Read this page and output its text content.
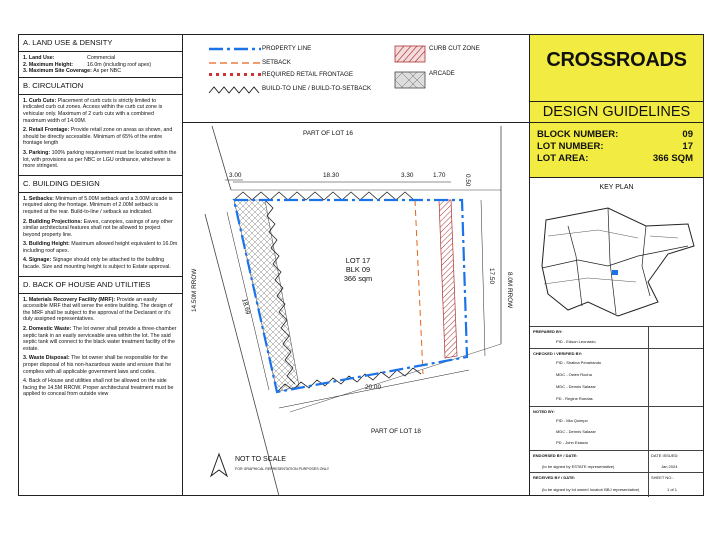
A. LAND USE & DENSITY
1. Land Use:	Commercial
2. Maximum Height:	16.0m (including roof apex)
3. Maximum Site Coverage: As per NBC
B. CIRCULATION

1. Curb Cuts: Placement of curb cuts is strictly limited to indicated curb cut zones. Access within the curb cut zone is vehicular only. Maximum of 2 curb cuts with a combined maximum width of 14.00M.

2. Retail Frontage: Provide retail zone on areas as shown, and should be directly accessible. Minimum of 65% of the entire frontage length

3. Parking: 100% parking requirement must be located within the lot, with provisions as per NBC or LGU ordinance, whichever is more stringent.

C. BUILDING DESIGN

1. Setbacks: Minimum of 5.00M setback and a 3.00M arcade is required along the frontage. Minimum of 2.00M setback is required at the rear. Build-to-line / setback as indicated.

2. Building Projections: Eaves, canopies, casings of any other similar architectural features shall not be allowed to project beyond property line.

3. Building Height: Maximum allowed height equivalent to 16.0m including roof apex.

4. Signage: Signage should only be attached to the building facade. Size and mounting height is subject to Estate approval.

D. BACK OF HOUSE AND UTILITIES

1. Materials Recovery Facility (MRF): Provide an easily accessible MRF that will serve the entire building. The design of the MRF shall be subject to the approval of the Declarant or it's duly assigned representatives.

2. Domestic Waste: The lot owner shall provide a three-chamber septic tank in an easily serviceable area within the lot. The said septic tank will connect to the black water treatment facility of the estate.

3. Waste Disposal: The lot owner shall be responsible for the proper disposal of his non-hazardous waste and ensure that he complies with all applicable government laws and codes.

4. Back of House and utilities shall not be allowed on the side facing the 14.5M RROW. Proper architectural treatment must be applied to conceal from outside view

PROPERTY LINE
SETBACK
REQUIRED RETAIL FRONTAGE
BUILD-TO LINE / BUILD-TO-SETBACK
CURB CUT ZONE
ARCADE
LOT 17
BLK 09
366 sqm
PART OF LOT 16
PART OF LOT 18
14.50M RROW	8.0M RROW
18.30	3.30	1.70	0.50
3.00
18.69
17.50
20.00
NOT TO SCALE
FOR GRAPHICAL REPRESENTATION PURPOSES ONLY
CROSSROADS
DESIGN GUIDELINES
BLOCK NUMBER:	09
LOT NUMBER:	17
LOT AREA:	366 SQM
KEY PLAN
PREPARED BY:
PID - Edson Leonardo
CHECKED / VERIFIED BY:
PID - Shalina Penalrando
MDC - Owen Rocha
MDC - Dennis Salazar
PD - Regine Ruedas
NOTED BY:
PID - Mia Quimpo
MDC - Dennis Salazar
PD - John Estacio
ENDORSED BY / DATE:
(to be signed by ESTATE representative)
DATE ISSUED:
Jan 2024
RECEIVED BY / DATE:
(to be signed by lot owner/ locator/ BBJ representative)
SHEET NO.:
1 of 1
